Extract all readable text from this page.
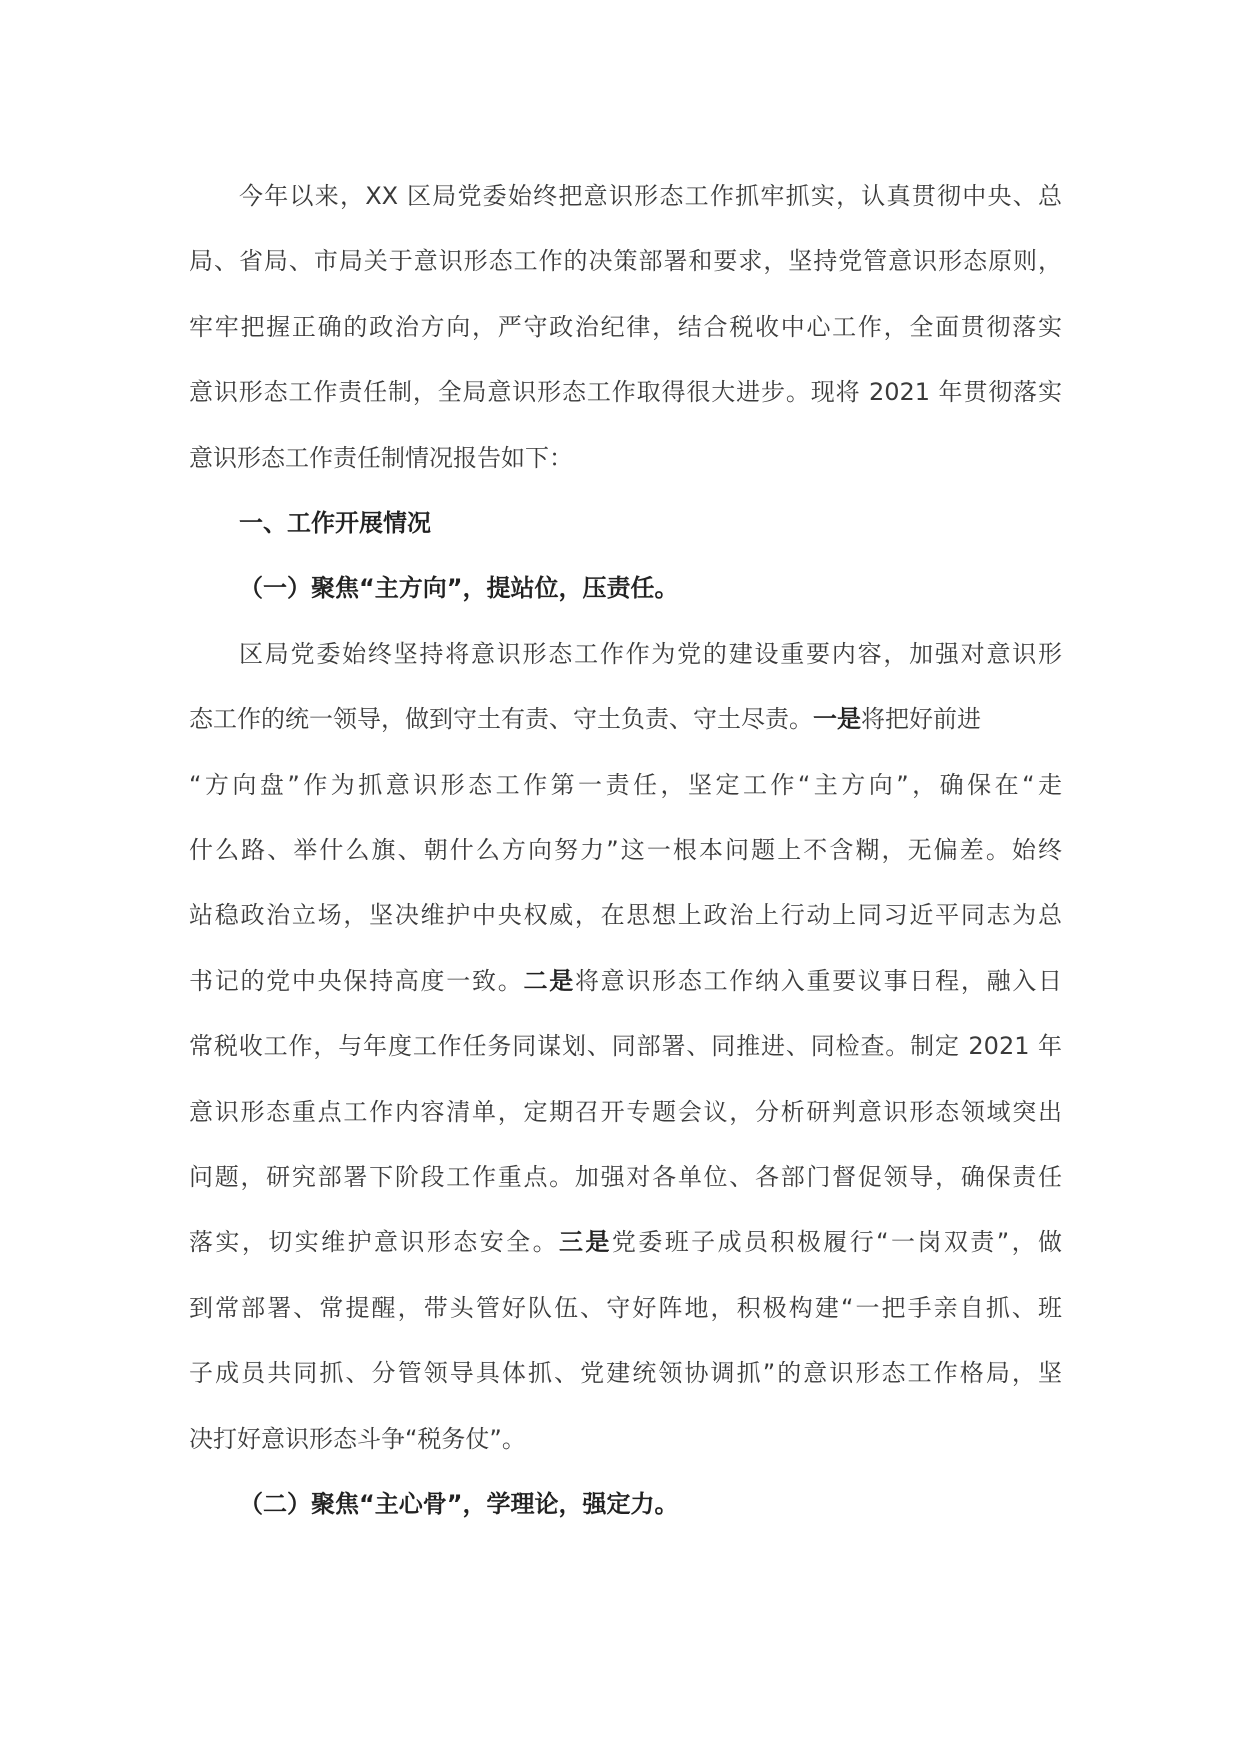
今年以来，XX 区局党委始终把意识形态工作抓牢抓实，认真贯彻中央、总
局、省局、市局关于意识形态工作的决策部署和要求，坚持党管意识形态原则，
牢牢把握正确的政治方向，严守政治纪律，结合税收中心工作，全面贯彻落实
意识形态工作责任制，全局意识形态工作取得很大进步。现将 2021 年贯彻落实
意识形态工作责任制情况报告如下：
一、工作开展情况
（一）聚焦“主方向”，提站位，压责任。
区局党委始终坚持将意识形态工作作为党的建设重要内容，加强对意识形
态工作的统一领导，做到守土有责、守土负责、守土尽责。一是将把好前进
“方向盘”作为抓意识形态工作第一责任，坚定工作“主方向”，确保在“走
什么路、举什么旗、朝什么方向努力”这一根本问题上不含糊，无偏差。始终
站稳政治立场，坚决维护中央权威，在思想上政治上行动上同习近平同志为总
书记的党中央保持高度一致。二是将意识形态工作纳入重要议事日程，融入日
常税收工作，与年度工作任务同谋划、同部署、同推进、同检查。制定 2021 年
意识形态重点工作内容清单，定期召开专题会议，分析研判意识形态领域突出
问题，研究部署下阶段工作重点。加强对各单位、各部门督促领导，确保责任
落实，切实维护意识形态安全。三是党委班子成员积极履行“一岗双责”，做
到常部署、常提醒，带头管好队伍、守好阵地，积极构建“一把手亲自抓、班
子成员共同抓、分管领导具体抓、党建统领协调抓”的意识形态工作格局，坚
决打好意识形态斗争“税务仗”。
（二）聚焦“主心骨”，学理论，强定力。
